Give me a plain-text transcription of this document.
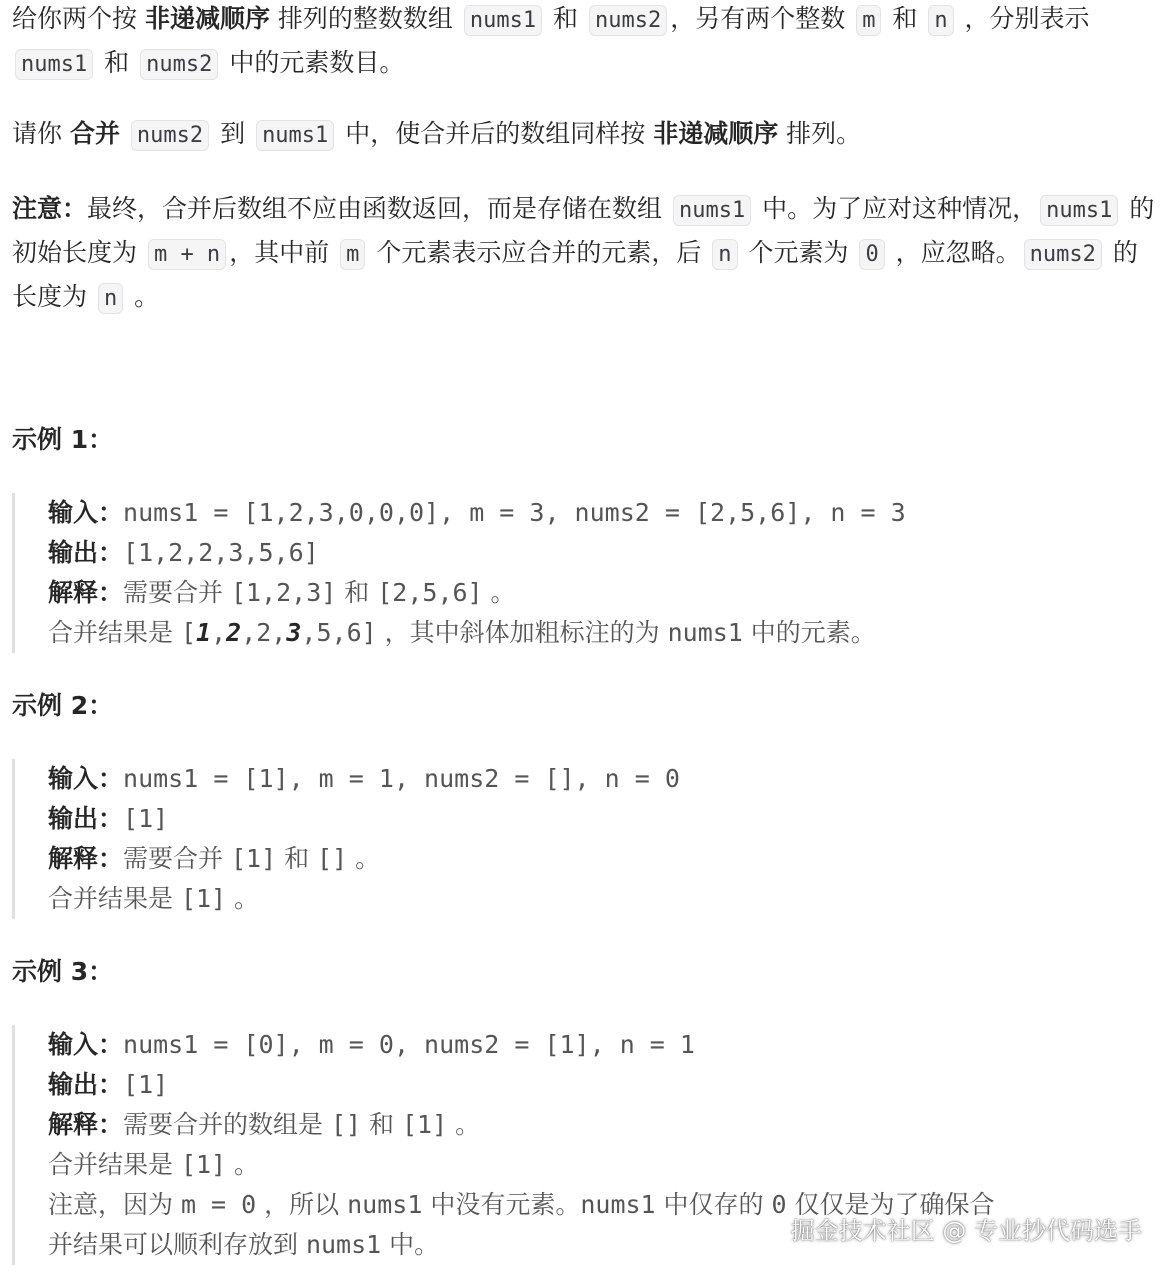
给你两个按 非递减顺序 排列的整数数组 nums1 和 nums2 ，另有两个整数 m 和 n ，分别表示 nums1 和 nums2 中的元素数目。

请你 合并 nums2 到 nums1 中，使合并后的数组同样按 非递减顺序 排列。

注意：最终，合并后数组不应由函数返回，而是存储在数组 nums1 中。为了应对这种情况， nums1 的初始长度为 m + n ，其中前 m 个元素表示应合并的元素，后 n 个元素为 0 ，应忽略。 nums2 的长度为 n 。

示例 1：

输入：nums1 = [1,2,3,0,0,0], m = 3, nums2 = [2,5,6], n = 3
输出：[1,2,2,3,5,6]
解释：需要合并 [1,2,3] 和 [2,5,6] 。
合并结果是 [1,2,2,3,5,6] ，其中斜体加粗标注的为 nums1 中的元素。

示例 2：

输入：nums1 = [1], m = 1, nums2 = [], n = 0
输出：[1]
解释：需要合并 [1] 和 [] 。
合并结果是 [1] 。

示例 3：

输入：nums1 = [0], m = 0, nums2 = [1], n = 1
输出：[1]
解释：需要合并的数组是 [] 和 [1] 。
合并结果是 [1] 。
注意，因为 m = 0 ，所以 nums1 中没有元素。nums1 中仅存的 0 仅仅是为了确保合
并结果可以顺利存放到 nums1 中。	掘金技术社区 @ 专业抄代码选手
